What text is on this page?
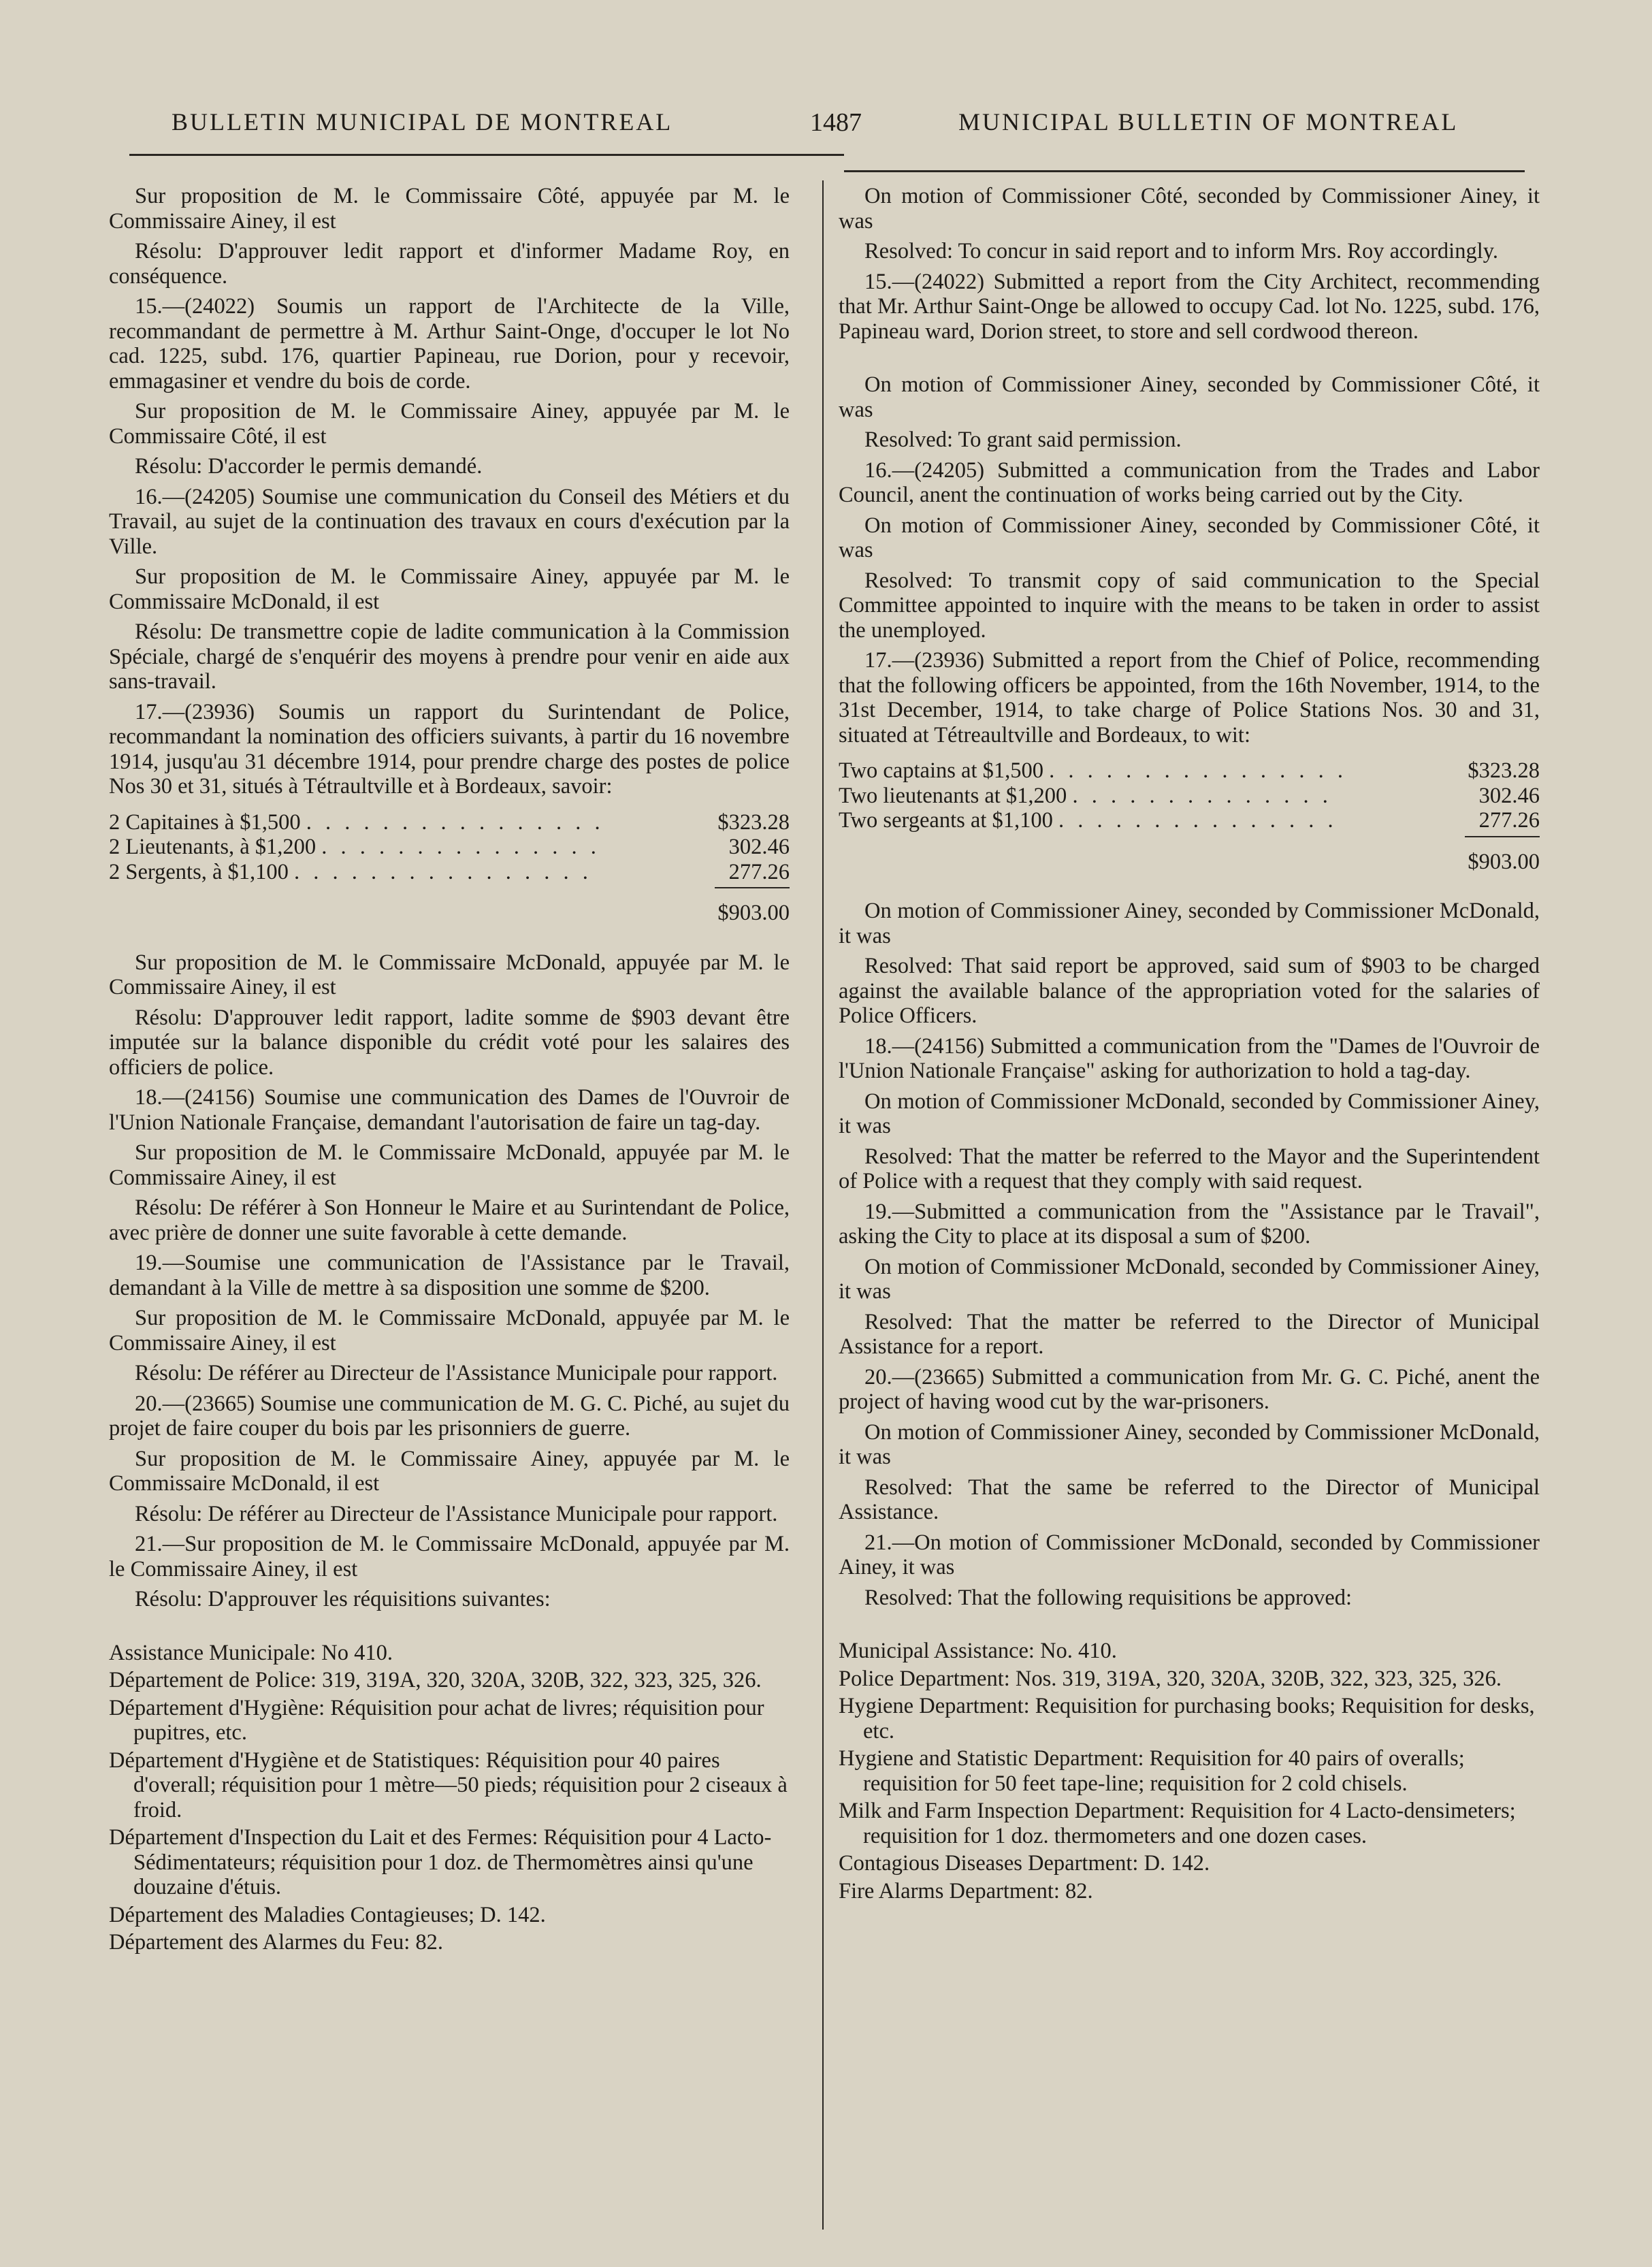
BULLETIN MUNICIPAL DE MONTREAL	1487	MUNICIPAL BULLETIN OF MONTREAL

Sur proposition de M. le Commissaire Côté, appuyée par M. le Commissaire Ainey, il est

Résolu: D'approuver ledit rapport et d'informer Madame Roy, en conséquence.

15.—(24022) Soumis un rapport de l'Architecte de la Ville, recommandant de permettre à M. Arthur Saint-Onge, d'occuper le lot No cad. 1225, subd. 176, quartier Papineau, rue Dorion, pour y recevoir, emmagasiner et vendre du bois de corde.

Sur proposition de M. le Commissaire Ainey, appuyée par M. le Commissaire Côté, il est

Résolu: D'accorder le permis demandé.

16.—(24205) Soumise une communication du Conseil des Métiers et du Travail, au sujet de la continuation des travaux en cours d'exécution par la Ville.

Sur proposition de M. le Commissaire Ainey, appuyée par M. le Commissaire McDonald, il est

Résolu: De transmettre copie de ladite communication à la Commission Spéciale, chargé de s'enquérir des moyens à prendre pour venir en aide aux sans-travail.

17.—(23936) Soumis un rapport du Surintendant de Police, recommandant la nomination des officiers suivants, à partir du 16 novembre 1914, jusqu'au 31 décembre 1914, pour prendre charge des postes de police Nos 30 et 31, situés à Tétraultville et à Bordeaux, savoir:

2 Capitaines à $1,500 . . . . . . . . . . . . . . . .	$323.28
2 Lieutenants, à $1,200 . . . . . . . . . . . . . . .	302.46
2 Sergents, à $1,100 . . . . . . . . . . . . . . . .	277.26
$903.00

Sur proposition de M. le Commissaire McDonald, appuyée par M. le Commissaire Ainey, il est

Résolu: D'approuver ledit rapport, ladite somme de $903 devant être imputée sur la balance disponible du crédit voté pour les salaires des officiers de police.

18.—(24156) Soumise une communication des Dames de l'Ouvroir de l'Union Nationale Française, demandant l'autorisation de faire un tag-day.

Sur proposition de M. le Commissaire McDonald, appuyée par M. le Commissaire Ainey, il est

Résolu: De référer à Son Honneur le Maire et au Surintendant de Police, avec prière de donner une suite favorable à cette demande.

19.—Soumise une communication de l'Assistance par le Travail, demandant à la Ville de mettre à sa disposition une somme de $200.

Sur proposition de M. le Commissaire McDonald, appuyée par M. le Commissaire Ainey, il est

Résolu: De référer au Directeur de l'Assistance Municipale pour rapport.

20.—(23665) Soumise une communication de M. G. C. Piché, au sujet du projet de faire couper du bois par les prisonniers de guerre.

Sur proposition de M. le Commissaire Ainey, appuyée par M. le Commissaire McDonald, il est

Résolu: De référer au Directeur de l'Assistance Municipale pour rapport.

21.—Sur proposition de M. le Commissaire McDonald, appuyée par M. le Commissaire Ainey, il est

Résolu: D'approuver les réquisitions suivantes:

Assistance Municipale: No 410.

Département de Police: 319, 319A, 320, 320A, 320B, 322, 323, 325, 326.

Département d'Hygiène: Réquisition pour achat de livres; réquisition pour pupitres, etc.

Département d'Hygiène et de Statistiques: Réquisition pour 40 paires d'overall; réquisition pour 1 mètre—50 pieds; réquisition pour 2 ciseaux à froid.

Département d'Inspection du Lait et des Fermes: Réquisition pour 4 Lacto-Sédimentateurs; réquisition pour 1 doz. de Thermomètres ainsi qu'une douzaine d'étuis.

Département des Maladies Contagieuses; D. 142.

Département des Alarmes du Feu: 82.

On motion of Commissioner Côté, seconded by Commissioner Ainey, it was

Resolved: To concur in said report and to inform Mrs. Roy accordingly.

15.—(24022) Submitted a report from the City Architect, recommending that Mr. Arthur Saint-Onge be allowed to occupy Cad. lot No. 1225, subd. 176, Papineau ward, Dorion street, to store and sell cordwood thereon.

On motion of Commissioner Ainey, seconded by Commissioner Côté, it was

Resolved: To grant said permission.

16.—(24205) Submitted a communication from the Trades and Labor Council, anent the continuation of works being carried out by the City.

On motion of Commissioner Ainey, seconded by Commissioner Côté, it was

Resolved: To transmit copy of said communication to the Special Committee appointed to inquire with the means to be taken in order to assist the unemployed.

17.—(23936) Submitted a report from the Chief of Police, recommending that the following officers be appointed, from the 16th November, 1914, to the 31st December, 1914, to take charge of Police Stations Nos. 30 and 31, situated at Tétreaultville and Bordeaux, to wit:

Two captains at $1,500 . . . . . . . . . . . . . . . .	$323.28
Two lieutenants at $1,200 . . . . . . . . . . . . . .	302.46
Two sergeants at $1,100 . . . . . . . . . . . . . . .	277.26
$903.00

On motion of Commissioner Ainey, seconded by Commissioner McDonald, it was

Resolved: That said report be approved, said sum of $903 to be charged against the available balance of the appropriation voted for the salaries of Police Officers.

18.—(24156) Submitted a communication from the "Dames de l'Ouvroir de l'Union Nationale Française" asking for authorization to hold a tag-day.

On motion of Commissioner McDonald, seconded by Commissioner Ainey, it was

Resolved: That the matter be referred to the Mayor and the Superintendent of Police with a request that they comply with said request.

19.—Submitted a communication from the "Assistance par le Travail", asking the City to place at its disposal a sum of $200.

On motion of Commissioner McDonald, seconded by Commissioner Ainey, it was

Resolved: That the matter be referred to the Director of Municipal Assistance for a report.

20.—(23665) Submitted a communication from Mr. G. C. Piché, anent the project of having wood cut by the war-prisoners.

On motion of Commissioner Ainey, seconded by Commissioner McDonald, it was

Resolved: That the same be referred to the Director of Municipal Assistance.

21.—On motion of Commissioner McDonald, seconded by Commissioner Ainey, it was

Resolved: That the following requisitions be approved:

Municipal Assistance: No. 410.

Police Department: Nos. 319, 319A, 320, 320A, 320B, 322, 323, 325, 326.

Hygiene Department: Requisition for purchasing books; Requisition for desks, etc.

Hygiene and Statistic Department: Requisition for 40 pairs of overalls; requisition for 50 feet tape-line; requisition for 2 cold chisels.

Milk and Farm Inspection Department: Requisition for 4 Lacto-densimeters; requisition for 1 doz. thermometers and one dozen cases.

Contagious Diseases Department: D. 142.

Fire Alarms Department: 82.
